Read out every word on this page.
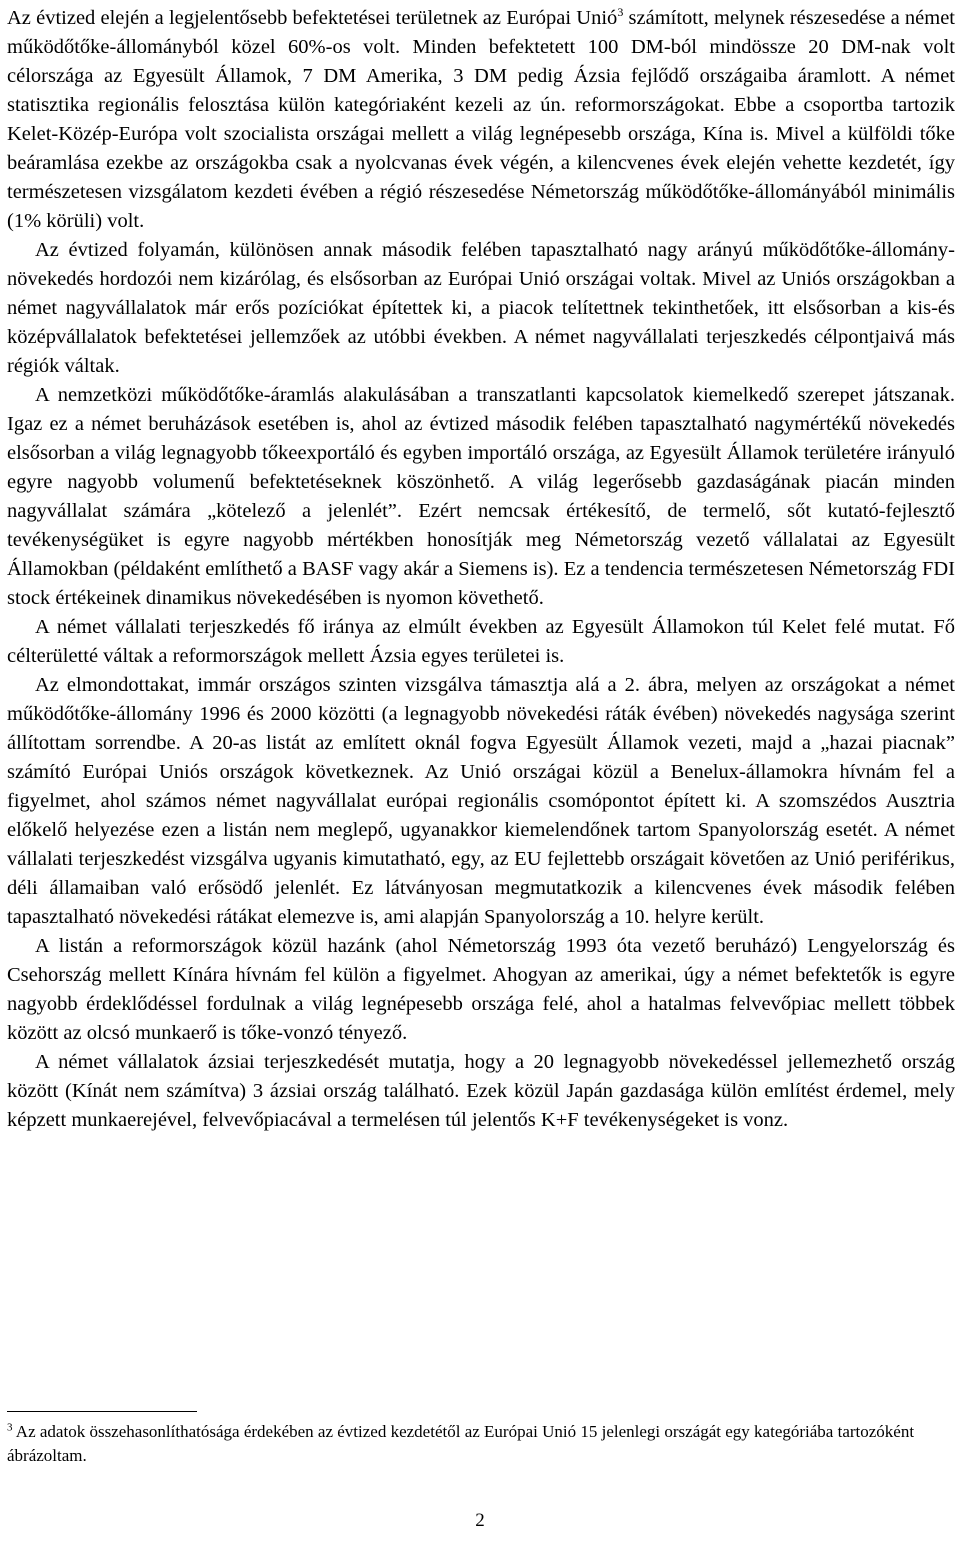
Az évtized elején a legjelentősebb befektetései területnek az Európai Unió$^3$ számított, melynek részesedése a német működőtőke-állományból közel 60%-os volt. Minden befektetett 100 DM-ból mindössze 20 DM-nak volt célországa az Egyesült Államok, 7 DM Amerika, 3 DM pedig Ázsia fejlődő országaiba áramlott. A német statisztika regionális felosztása külön kategóriaként kezeli az ún. reformországokat. Ebbe a csoportba tartozik Kelet-Közép-Európa volt szocialista országai mellett a világ legnépesebb országa, Kína is. Mivel a külföldi tőke beáramlása ezekbe az országokba csak a nyolcvanas évek végén, a kilencvenes évek elején vehette kezdetét, így természetesen vizsgálatom kezdeti évében a régió részesedése Németország működőtőke-állományából minimális (1% körüli) volt.

Az évtized folyamán, különösen annak második felében tapasztalható nagy arányú működőtőke-állomány-növekedés hordozói nem kizárólag, és elsősorban az Európai Unió országai voltak. Mivel az Uniós országokban a német nagyvállalatok már erős pozíciókat építettek ki, a piacok telítettnek tekinthetőek, itt elsősorban a kis-és középvállalatok befektetései jellemzőek az utóbbi években. A német nagyvállalati terjeszkedés célpontjaivá más régiók váltak.

A nemzetközi működőtőke-áramlás alakulásában a transzatlanti kapcsolatok kiemelkedő szerepet játszanak. Igaz ez a német beruházások esetében is, ahol az évtized második felében tapasztalható nagymértékű növekedés elsősorban a világ legnagyobb tőkeexportáló és egyben importáló országa, az Egyesült Államok területére irányuló egyre nagyobb volumenű befektetéseknek köszönhető. A világ legerősebb gazdaságának piacán minden nagyvállalat számára „kötelező a jelenlét”. Ezért nemcsak értékesítő, de termelő, sőt kutató-fejlesztő tevékenységüket is egyre nagyobb mértékben honosítják meg Németország vezető vállalatai az Egyesült Államokban (példaként említhető a BASF vagy akár a Siemens is). Ez a tendencia természetesen Németország FDI stock értékeinek dinamikus növekedésében is nyomon követhető.

A német vállalati terjeszkedés fő iránya az elmúlt években az Egyesült Államokon túl Kelet felé mutat. Fő célterületté váltak a reformországok mellett Ázsia egyes területei is.

Az elmondottakat, immár országos szinten vizsgálva támasztja alá a 2. ábra, melyen az országokat a német működőtőke-állomány 1996 és 2000 közötti (a legnagyobb növekedési ráták évében) növekedés nagysága szerint állítottam sorrendbe. A 20-as listát az említett oknál fogva Egyesült Államok vezeti, majd a „hazai piacnak” számító Európai Uniós országok következnek. Az Unió országai közül a Benelux-államokra hívnám fel a figyelmet, ahol számos német nagyvállalat európai regionális csomópontot épített ki. A szomszédos Ausztria előkelő helyezése ezen a listán nem meglepő, ugyanakkor kiemelendőnek tartom Spanyolország esetét. A német vállalati terjeszkedést vizsgálva ugyanis kimutatható, egy, az EU fejlettebb országait követően az Unió periférikus, déli államaiban való erősödő jelenlét. Ez látványosan megmutatkozik a kilencvenes évek második felében tapasztalható növekedési rátákat elemezve is, ami alapján Spanyolország a 10. helyre került.

A listán a reformországok közül hazánk (ahol Németország 1993 óta vezető beruházó) Lengyelország és Csehország mellett Kínára hívnám fel külön a figyelmet. Ahogyan az amerikai, úgy a német befektetők is egyre nagyobb érdeklődéssel fordulnak a világ legnépesebb országa felé, ahol a hatalmas felvevőpiac mellett többek között az olcsó munkaerő is tőke-vonzó tényező.

A német vállalatok ázsiai terjeszkedését mutatja, hogy a 20 legnagyobb növekedéssel jellemezhető ország között (Kínát nem számítva) 3 ázsiai ország található. Ezek közül Japán gazdasága külön említést érdemel, mely képzett munkaerejével, felvevőpiacával a termelésen túl jelentős K+F tevékenységeket is vonz.

$^3$ Az adatok összehasonlíthatósága érdekében az évtized kezdetétől az Európai Unió 15 jelenlegi országát egy kategóriába tartozóként ábrázoltam.

2
